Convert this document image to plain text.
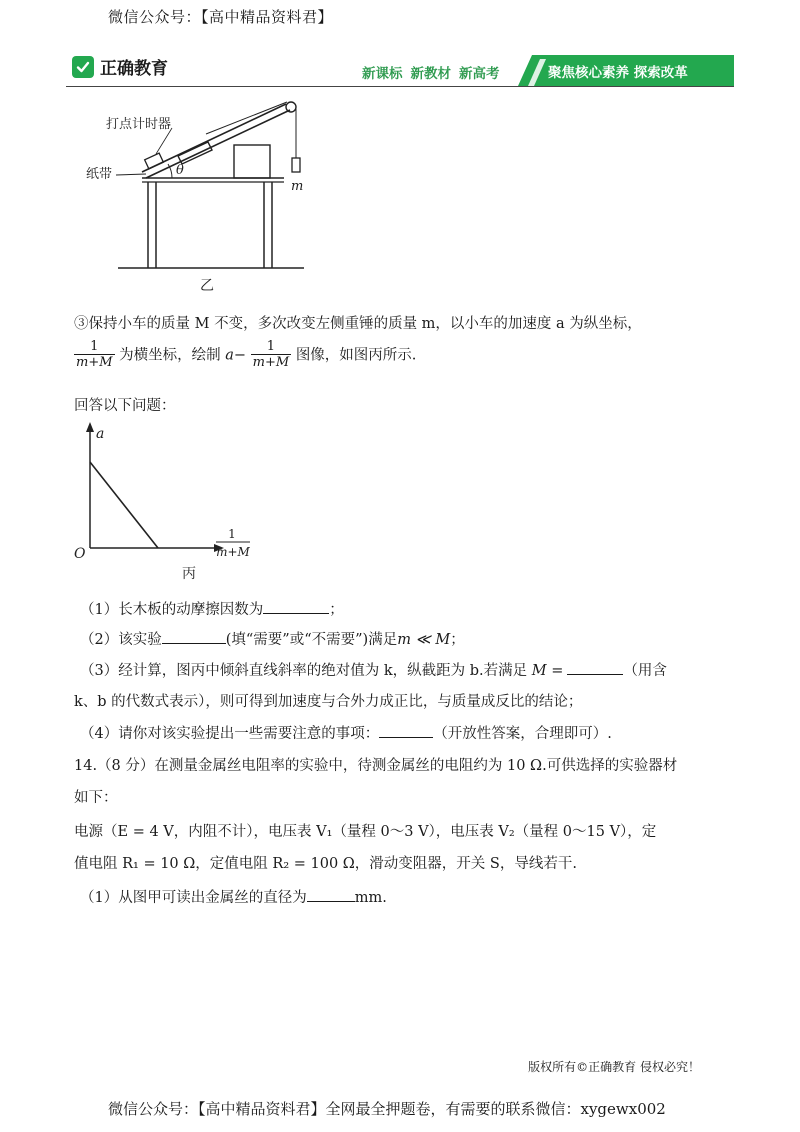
微信公众号：【高中精品资料君】
正确教育	新课标 新教材 新高考	聚焦核心素养 探索改革
打点计时器
纸带	θ
m
乙
③保持小车的质量 M 不变，多次改变左侧重锤的质量 m，以小车的加速度 a 为纵坐标，
$\frac{1}{m+M}$ 为横坐标，绘制 $a- \frac{1}{m+M}$ 图像，如图丙所示.
回答以下问题：
a
O
1
m+M
丙
（1）长木板的动摩擦因数为	；
（2）该实验	(填“需要”或“不需要”)满足m ≪ M；
（3）经计算，图丙中倾斜直线斜率的绝对值为 k，纵截距为 b.若满足 M =	（用含
k、b 的代数式表示），则可得到加速度与合外力成正比，与质量成反比的结论；
（4）请你对该实验提出一些需要注意的事项：	（开放性答案，合理即可）.
14.（8 分）在测量金属丝电阻率的实验中，待测金属丝的电阻约为 10 Ω.可供选择的实验器材
如下：
电源（E = 4 V，内阻不计），电压表 V₁（量程 0～3 V），电压表 V₂（量程 0～15 V），定
值电阻 R₁ = 10 Ω，定值电阻 R₂ = 100 Ω，滑动变阻器，开关 S，导线若干.
（1）从图甲可读出金属丝的直径为	mm.
版权所有©正确教育 侵权必究！
微信公众号：【高中精品资料君】全网最全押题卷，有需要的联系微信：xygewx002
